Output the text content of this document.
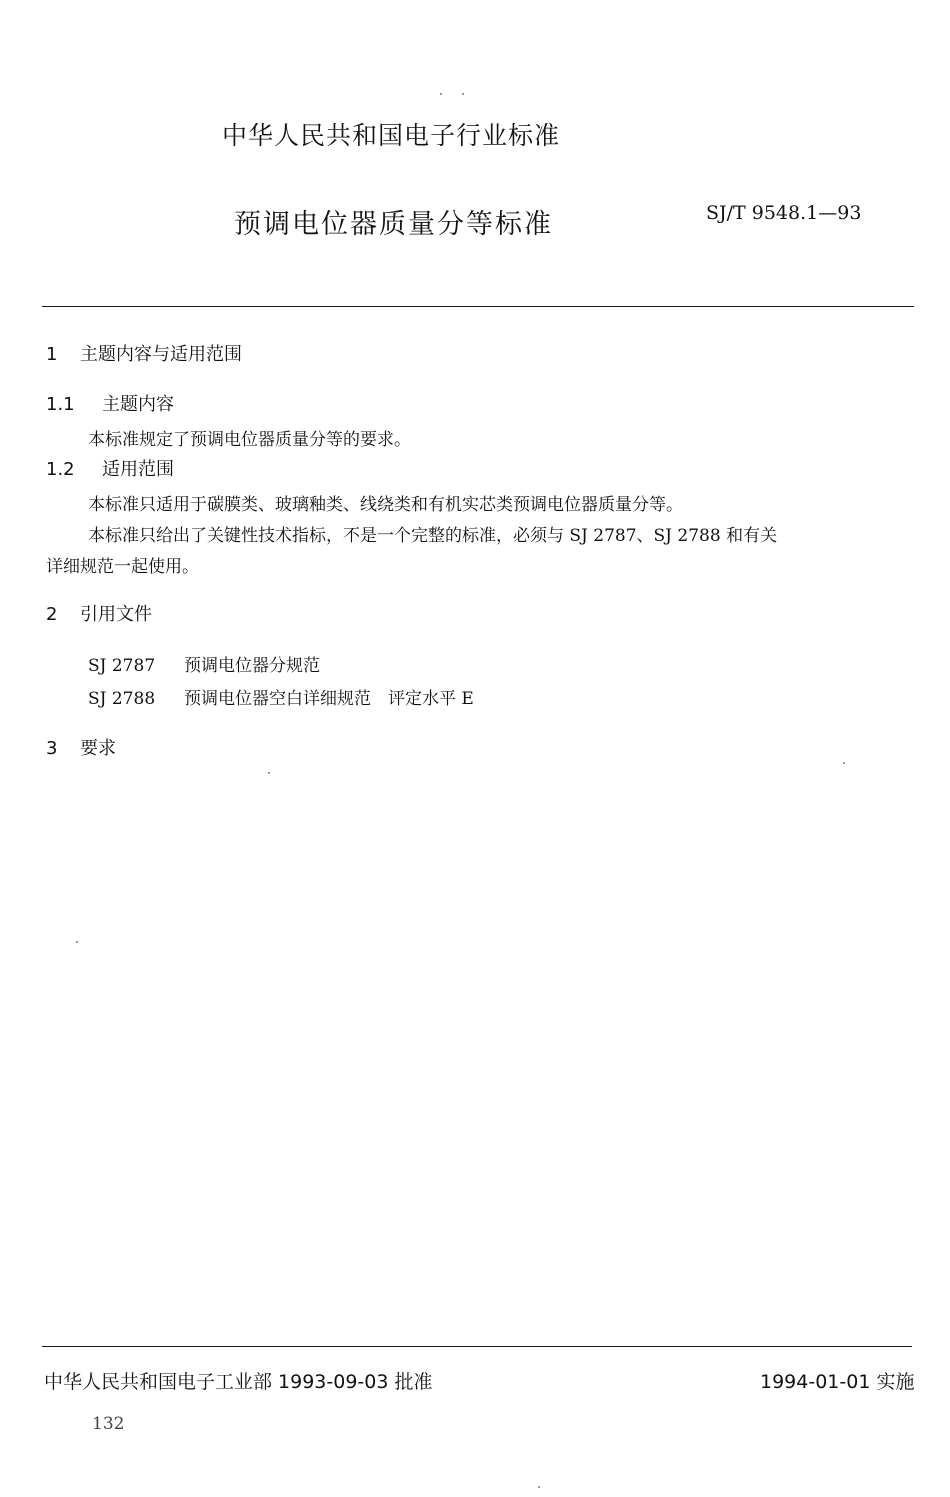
中华人民共和国电子行业标准
预调电位器质量分等标准	SJ/T 9548.1—93
1 主题内容与适用范围
1.1 主题内容
本标准规定了预调电位器质量分等的要求。
1.2 适用范围
本标准只适用于碳膜类、玻璃釉类、线绕类和有机实芯类预调电位器质量分等。
本标准只给出了关键性技术指标，不是一个完整的标准，必须与 SJ 2787、SJ 2788 和有关
详细规范一起使用。
2 引用文件
SJ 2787 预调电位器分规范
SJ 2788 预调电位器空白详细规范　评定水平 E
3 要求
中华人民共和国电子工业部 1993-09-03 批准	1994-01-01 实施
132
